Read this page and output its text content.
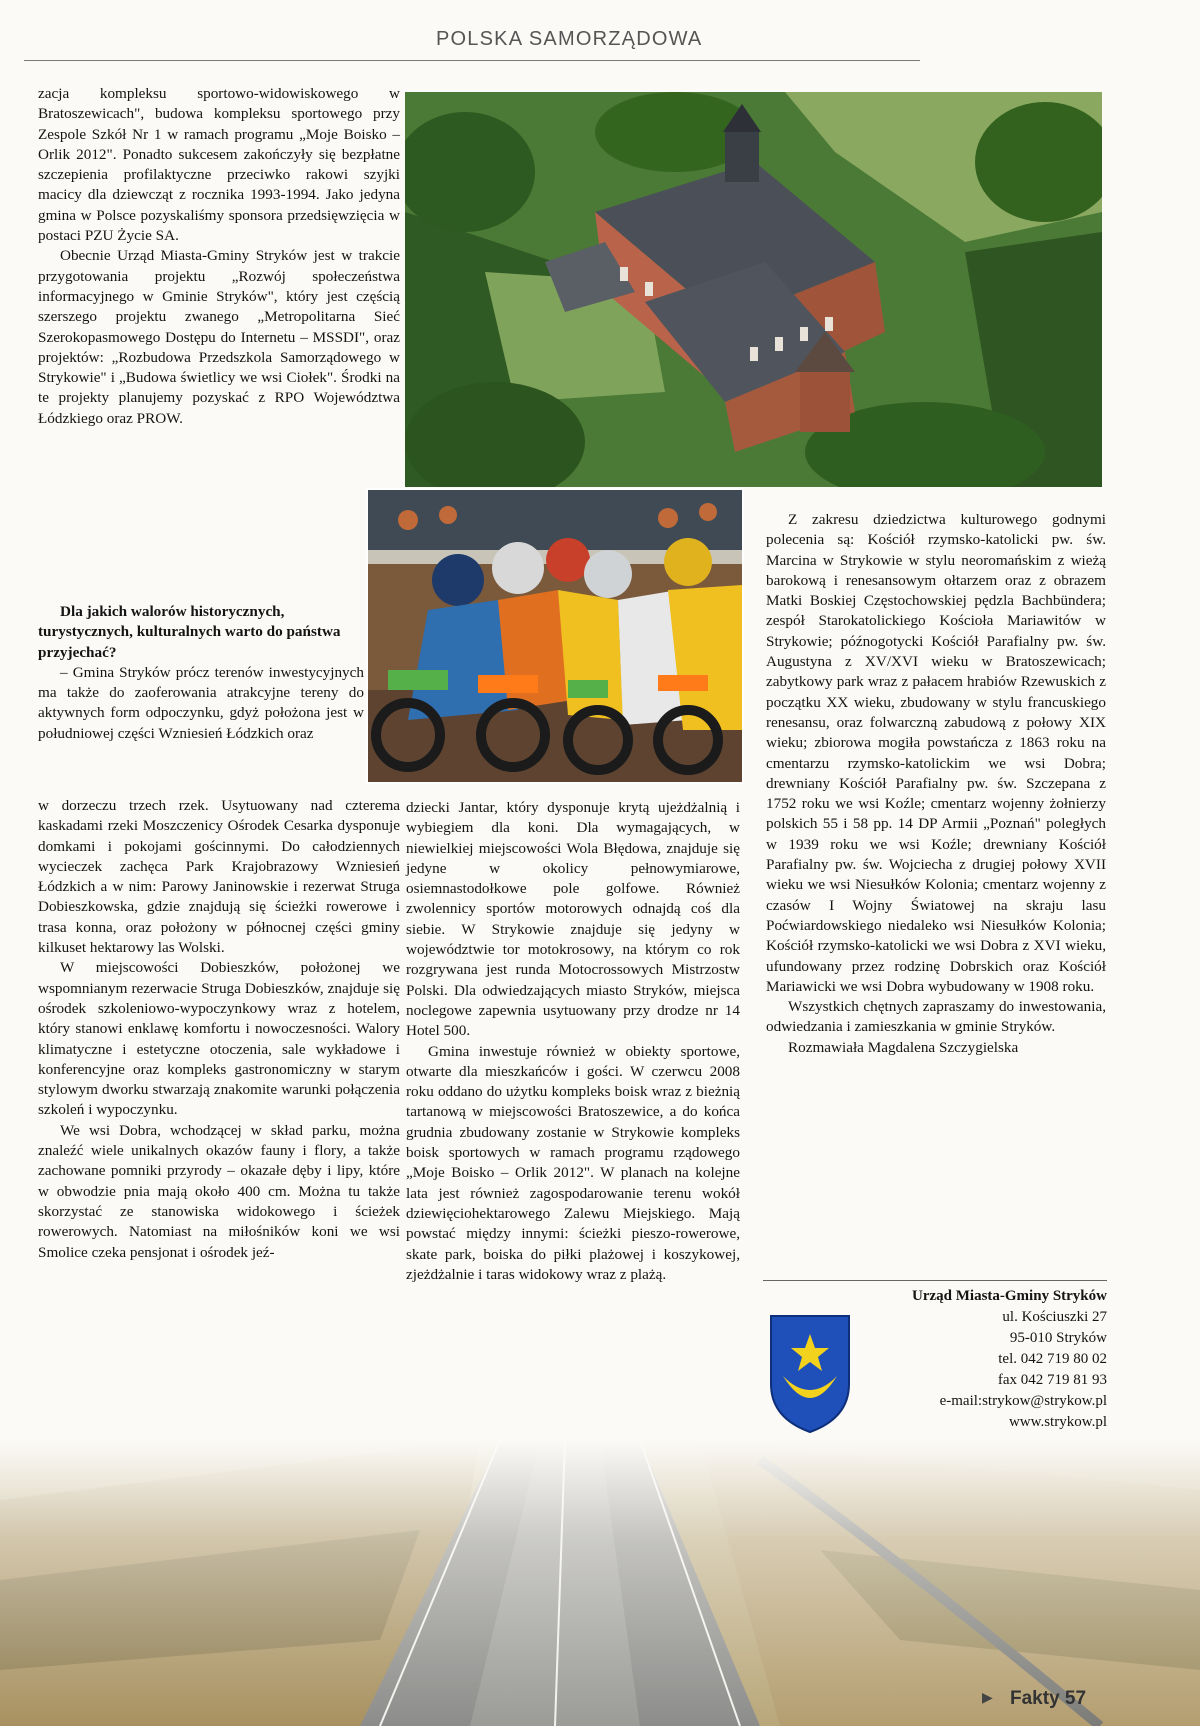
POLSKA SAMORZĄDOWA

zacja kompleksu sportowo-widowiskowego w Bratoszewicach", budowa kompleksu sportowego przy Zespole Szkół Nr 1 w ramach programu „Moje Boisko – Orlik 2012". Ponadto sukcesem zakończyły się bezpłatne szczepienia profilaktyczne przeciwko rakowi szyjki macicy dla dziewcząt z rocznika 1993-1994. Jako jedyna gmina w Polsce pozyskaliśmy sponsora przedsięwzięcia w postaci PZU Życie SA.

Obecnie Urząd Miasta-Gminy Stryków jest w trakcie przygotowania projektu „Rozwój społeczeństwa informacyjnego w Gminie Stryków", który jest częścią szerszego projektu zwanego „Metropolitarna Sieć Szerokopasmowego Dostępu do Internetu – MSSDI", oraz projektów: „Rozbudowa Przedszkola Samorządowego w Strykowie" i „Budowa świetlicy we wsi Ciołek". Środki na te projekty planujemy pozyskać z RPO Województwa Łódzkiego oraz PROW.

Dla jakich walorów historycznych, turystycznych, kulturalnych warto do państwa przyjechać?

– Gmina Stryków prócz terenów inwestycyjnych ma także do zaoferowania atrakcyjne tereny do aktywnych form odpoczynku, gdyż położona jest w południowej części Wzniesień Łódzkich oraz

w dorzeczu trzech rzek. Usytuowany nad czterema kaskadami rzeki Moszczenicy Ośrodek Cesarka dysponuje domkami i pokojami gościnnymi. Do całodziennych wycieczek zachęca Park Krajobrazowy Wzniesień Łódzkich a w nim: Parowy Janinowskie i rezerwat Struga Dobieszkowska, gdzie znajdują się ścieżki rowerowe i trasa konna, oraz położony w północnej części gminy kilkuset hektarowy las Wolski.

W miejscowości Dobieszków, położonej we wspomnianym rezerwacie Struga Dobieszków, znajduje się ośrodek szkoleniowo-wypoczynkowy wraz z hotelem, który stanowi enklawę komfortu i nowoczesności. Walory klimatyczne i estetyczne otoczenia, sale wykładowe i konferencyjne oraz kompleks gastronomiczny w starym stylowym dworku stwarzają znakomite warunki połączenia szkoleń i wypoczynku.

We wsi Dobra, wchodzącej w skład parku, można znaleźć wiele unikalnych okazów fauny i flory, a także zachowane pomniki przyrody – okazałe dęby i lipy, które w obwodzie pnia mają około 400 cm. Można tu także skorzystać ze stanowiska widokowego i ścieżek rowerowych. Natomiast na miłośników koni we wsi Smolice czeka pensjonat i ośrodek jeź-

dziecki Jantar, który dysponuje krytą ujeżdżalnią i wybiegiem dla koni. Dla wymagających, w niewielkiej miejscowości Wola Błędowa, znajduje się jedyne w okolicy pełnowymiarowe, osiemnastodołkowe pole golfowe. Również zwolennicy sportów motorowych odnajdą coś dla siebie. W Strykowie znajduje się jedyny w województwie tor motokrosowy, na którym co rok rozgrywana jest runda Motocrossowych Mistrzostw Polski. Dla odwiedzających miasto Stryków, miejsca noclegowe zapewnia usytuowany przy drodze nr 14 Hotel 500.

Gmina inwestuje również w obiekty sportowe, otwarte dla mieszkańców i gości. W czerwcu 2008 roku oddano do użytku kompleks boisk wraz z bieżnią tartanową w miejscowości Bratoszewice, a do końca grudnia zbudowany zostanie w Strykowie kompleks boisk sportowych w ramach programu rządowego „Moje Boisko – Orlik 2012". W planach na kolejne lata jest również zagospodarowanie terenu wokół dziewięciohektarowego Zalewu Miejskiego. Mają powstać między innymi: ścieżki pieszo-rowerowe, skate park, boiska do piłki plażowej i koszykowej, zjeżdżalnie i taras widokowy wraz z plażą.

Z zakresu dziedzictwa kulturowego godnymi polecenia są: Kościół rzymsko-katolicki pw. św. Marcina w Strykowie w stylu neoromańskim z wieżą barokową i renesansowym ołtarzem oraz z obrazem Matki Boskiej Częstochowskiej pędzla Bachbündera; zespół Starokatolickiego Kościoła Mariawitów w Strykowie; późnogotycki Kościół Parafialny pw. św. Augustyna z XV/XVI wieku w Bratoszewicach; zabytkowy park wraz z pałacem hrabiów Rzewuskich z początku XX wieku, zbudowany w stylu francuskiego renesansu, oraz folwarczną zabudową z połowy XIX wieku; zbiorowa mogiła powstańcza z 1863 roku na cmentarzu rzymsko-katolickim we wsi Dobra; drewniany Kościół Parafialny pw. św. Szczepana z 1752 roku we wsi Koźle; cmentarz wojenny żołnierzy polskich 55 i 58 pp. 14 DP Armii „Poznań" poległych w 1939 roku we wsi Koźle; drewniany Kościół Parafialny pw. św. Wojciecha z drugiej połowy XVII wieku we wsi Niesułków Kolonia; cmentarz wojenny z czasów I Wojny Światowej na skraju lasu Poćwiardowskiego niedaleko wsi Niesułków Kolonia; Kościół rzymsko-katolicki we wsi Dobra z XVI wieku, ufundowany przez rodzinę Dobrskich oraz Kościół Mariawicki we wsi Dobra wybudowany w 1908 roku.

Wszystkich chętnych zapraszamy do inwestowania, odwiedzania i zamieszkania w gminie Stryków.

Rozmawiała Magdalena Szczygielska

Urząd Miasta-Gminy Stryków
ul. Kościuszki 27
95-010 Stryków
tel. 042 719 80 02
fax 042 719 81 93
e-mail:strykow@strykow.pl
www.strykow.pl
▶ Fakty 57
